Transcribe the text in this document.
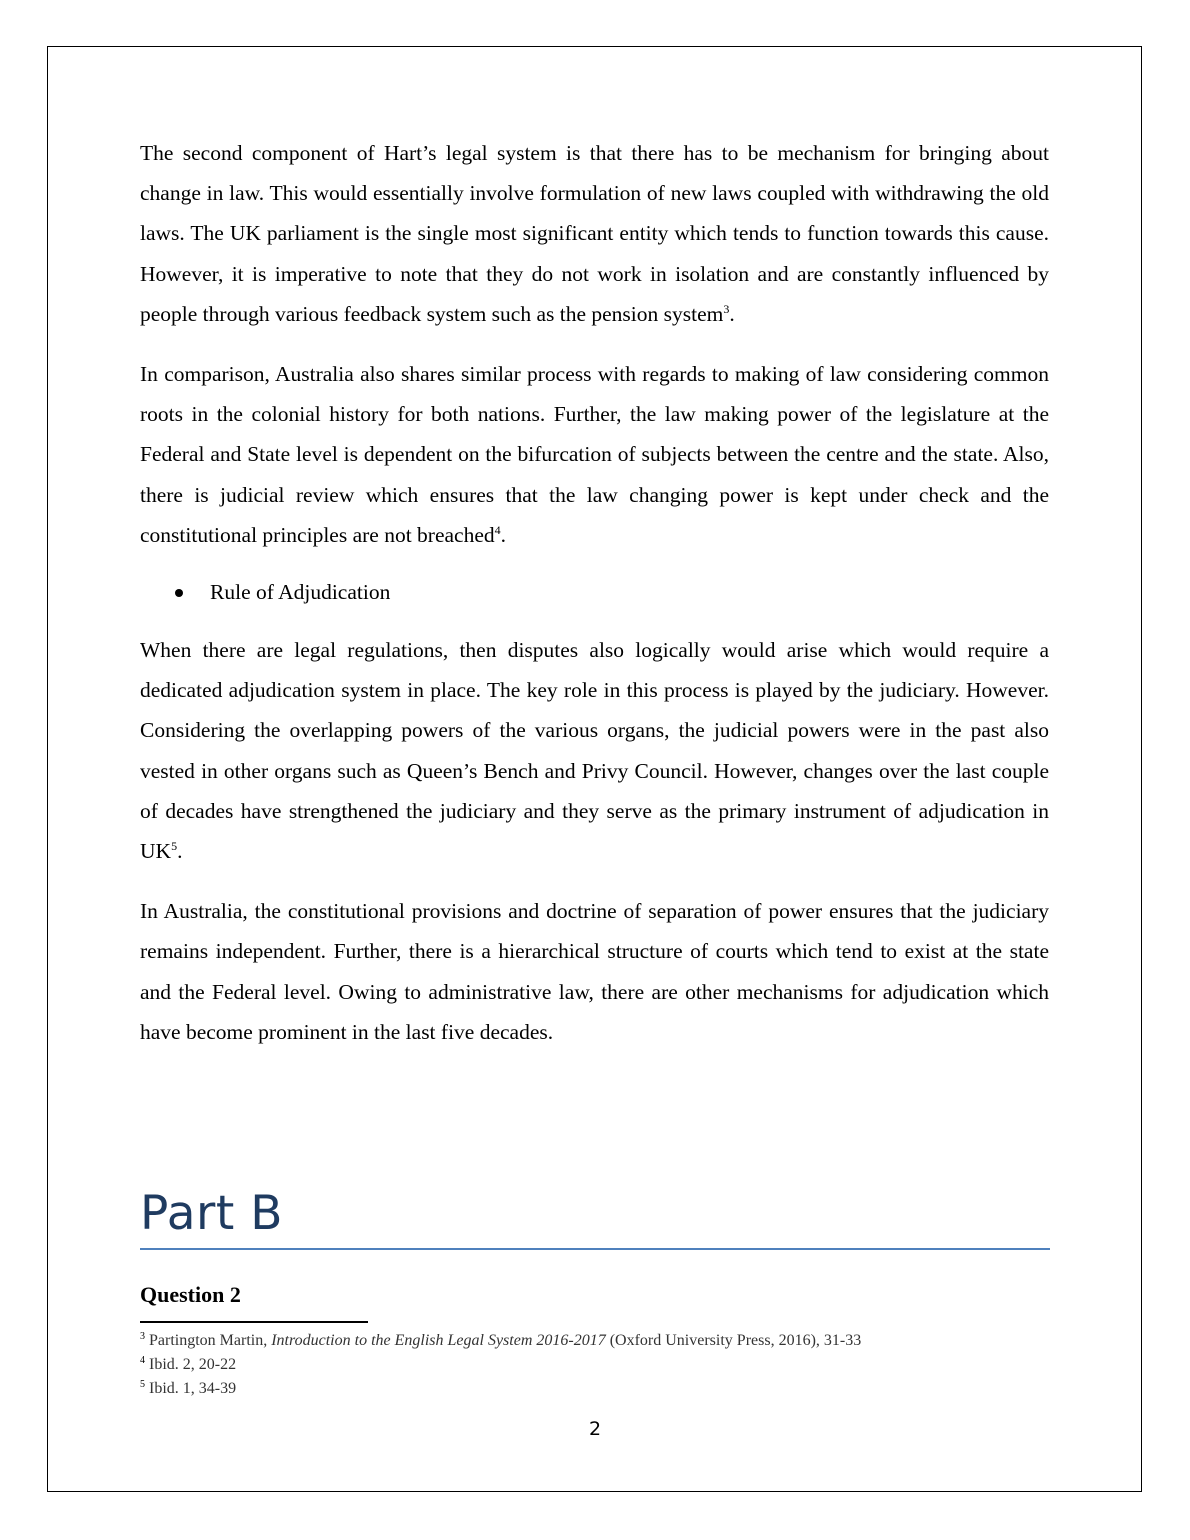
The second component of Hart’s legal system is that there has to be mechanism for bringing about change in law. This would essentially involve formulation of new laws coupled with withdrawing the old laws. The UK parliament is the single most significant entity which tends to function towards this cause. However, it is imperative to note that they do not work in isolation and are constantly influenced by people through various feedback system such as the pension system$^3$.

In comparison, Australia also shares similar process with regards to making of law considering common roots in the colonial history for both nations. Further, the law making power of the legislature at the Federal and State level is dependent on the bifurcation of subjects between the centre and the state. Also, there is judicial review which ensures that the law changing power is kept under check and the constitutional principles are not breached$^4$.

Rule of Adjudication

When there are legal regulations, then disputes also logically would arise which would require a dedicated adjudication system in place. The key role in this process is played by the judiciary. However. Considering the overlapping powers of the various organs, the judicial powers were in the past also vested in other organs such as Queen’s Bench and Privy Council. However, changes over the last couple of decades have strengthened the judiciary and they serve as the primary instrument of adjudication in $UK^5$.

In Australia, the constitutional provisions and doctrine of separation of power ensures that the judiciary remains independent. Further, there is a hierarchical structure of courts which tend to exist at the state and the Federal level. Owing to administrative law, there are other mechanisms for adjudication which have become prominent in the last five decades.

Part B
Question 2
$^3$ Partington Martin, Introduction to the English Legal System 2016-2017 (Oxford University Press, 2016), 31-33
$^4$ Ibid. 2, 20-22
$^5$ Ibid. 1, 34-39
2
